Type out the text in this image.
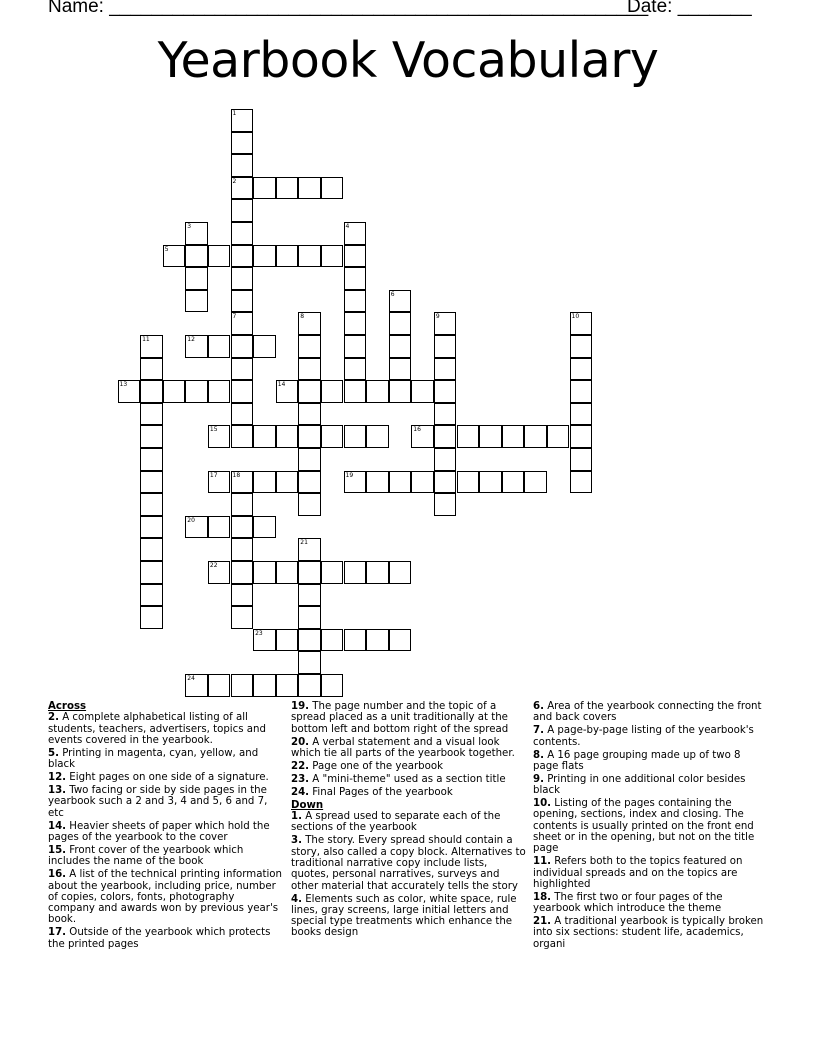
Name: ___________________________________________________
Date: _______
Yearbook Vocabulary
1
2
3	4
5
6
7	8	9	10
11	12
13	14
15	16
17 18	19
20
21
22
23
24
Across
2. A complete alphabetical listing of all students, teachers, advertisers, topics and events covered in the yearbook.
5. Printing in magenta, cyan, yellow, and black
12. Eight pages on one side of a signature.
13. Two facing or side by side pages in the yearbook such a 2 and 3, 4 and 5, 6 and 7, etc
14. Heavier sheets of paper which hold the pages of the yearbook to the cover
15. Front cover of the yearbook which includes the name of the book
16. A list of the technical printing information about the yearbook, including price, number of copies, colors, fonts, photography company and awards won by previous year's book.
17. Outside of the yearbook which protects the printed pages
19. The page number and the topic of a spread placed as a unit traditionally at the bottom left and bottom right of the spread
20. A verbal statement and a visual look which tie all parts of the yearbook together.
22. Page one of the yearbook
23. A "mini-theme" used as a section title
24. Final Pages of the yearbook
Down
1. A spread used to separate each of the sections of the yearbook
3. The story. Every spread should contain a story, also called a copy block. Alternatives to traditional narrative copy include lists, quotes, personal narratives, surveys and other material that accurately tells the story
4. Elements such as color, white space, rule lines, gray screens, large initial letters and special type treatments which enhance the books design
6. Area of the yearbook connecting the front and back covers
7. A page-by-page listing of the yearbook's contents.
8. A 16 page grouping made up of two 8 page flats
9. Printing in one additional color besides black
10. Listing of the pages containing the opening, sections, index and closing. The contents is usually printed on the front end sheet or in the opening, but not on the title page
11. Refers both to the topics featured on individual spreads and on the topics are highlighted
18. The first two or four pages of the yearbook which introduce the theme
21. A traditional yearbook is typically broken into six sections: student life, academics, organi
